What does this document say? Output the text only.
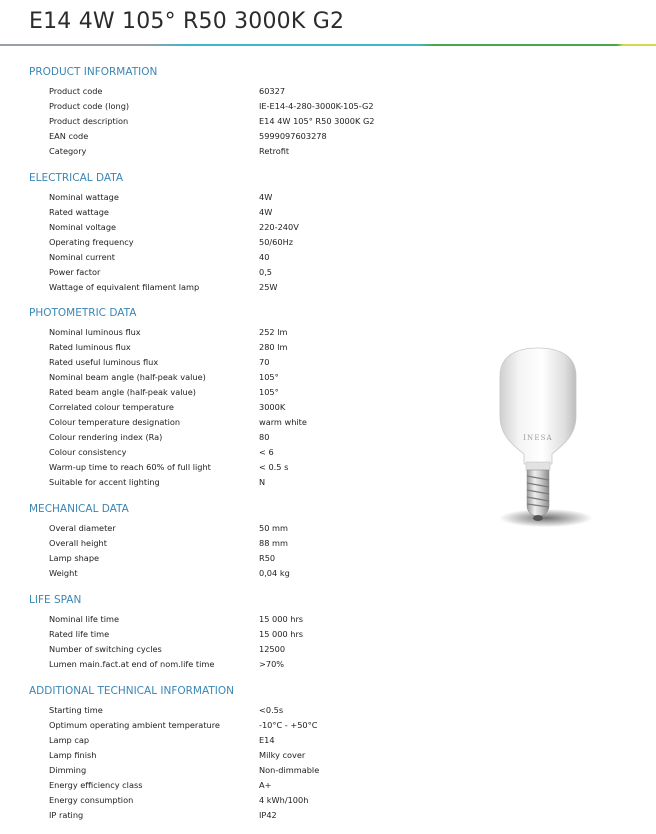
E14 4W 105° R50 3000K G2
PRODUCT INFORMATION
Product code	60327
Product code (long)	IE-E14-4-280-3000K-105-G2
Product description	E14 4W 105° R50 3000K G2
EAN code	5999097603278
Category	Retrofit
ELECTRICAL DATA
Nominal wattage	4W
Rated wattage	4W
Nominal voltage	220-240V
Operating frequency	50/60Hz
Nominal current	40
Power factor	0,5
Wattage of equivalent filament lamp	25W
PHOTOMETRIC DATA
Nominal luminous flux	252 lm
Rated luminous flux	280 lm
Rated useful luminous flux	70
Nominal beam angle (half-peak value)	105°
Rated beam angle (half-peak value)	105°
Correlated colour temperature	3000K
Colour temperature designation	warm white
Colour rendering index (Ra)	80
Colour consistency	< 6
Warm-up time to reach 60% of full light	< 0.5 s
Suitable for accent lighting	N
MECHANICAL DATA
Overal diameter	50 mm
Overall height	88 mm
Lamp shape	R50
Weight	0,04 kg
LIFE SPAN
Nominal life time	15 000 hrs
Rated life time	15 000 hrs
Number of switching cycles	12500
Lumen main.fact.at end of nom.life time	>70%
ADDITIONAL TECHNICAL INFORMATION
Starting time	<0.5s
Optimum operating ambient temperature	-10°C - +50°C
Lamp cap	E14
Lamp finish	Milky cover
Dimming	Non-dimmable
Energy efficiency class	A+
Energy consumption	4 kWh/100h
IP rating	IP42
INESA
